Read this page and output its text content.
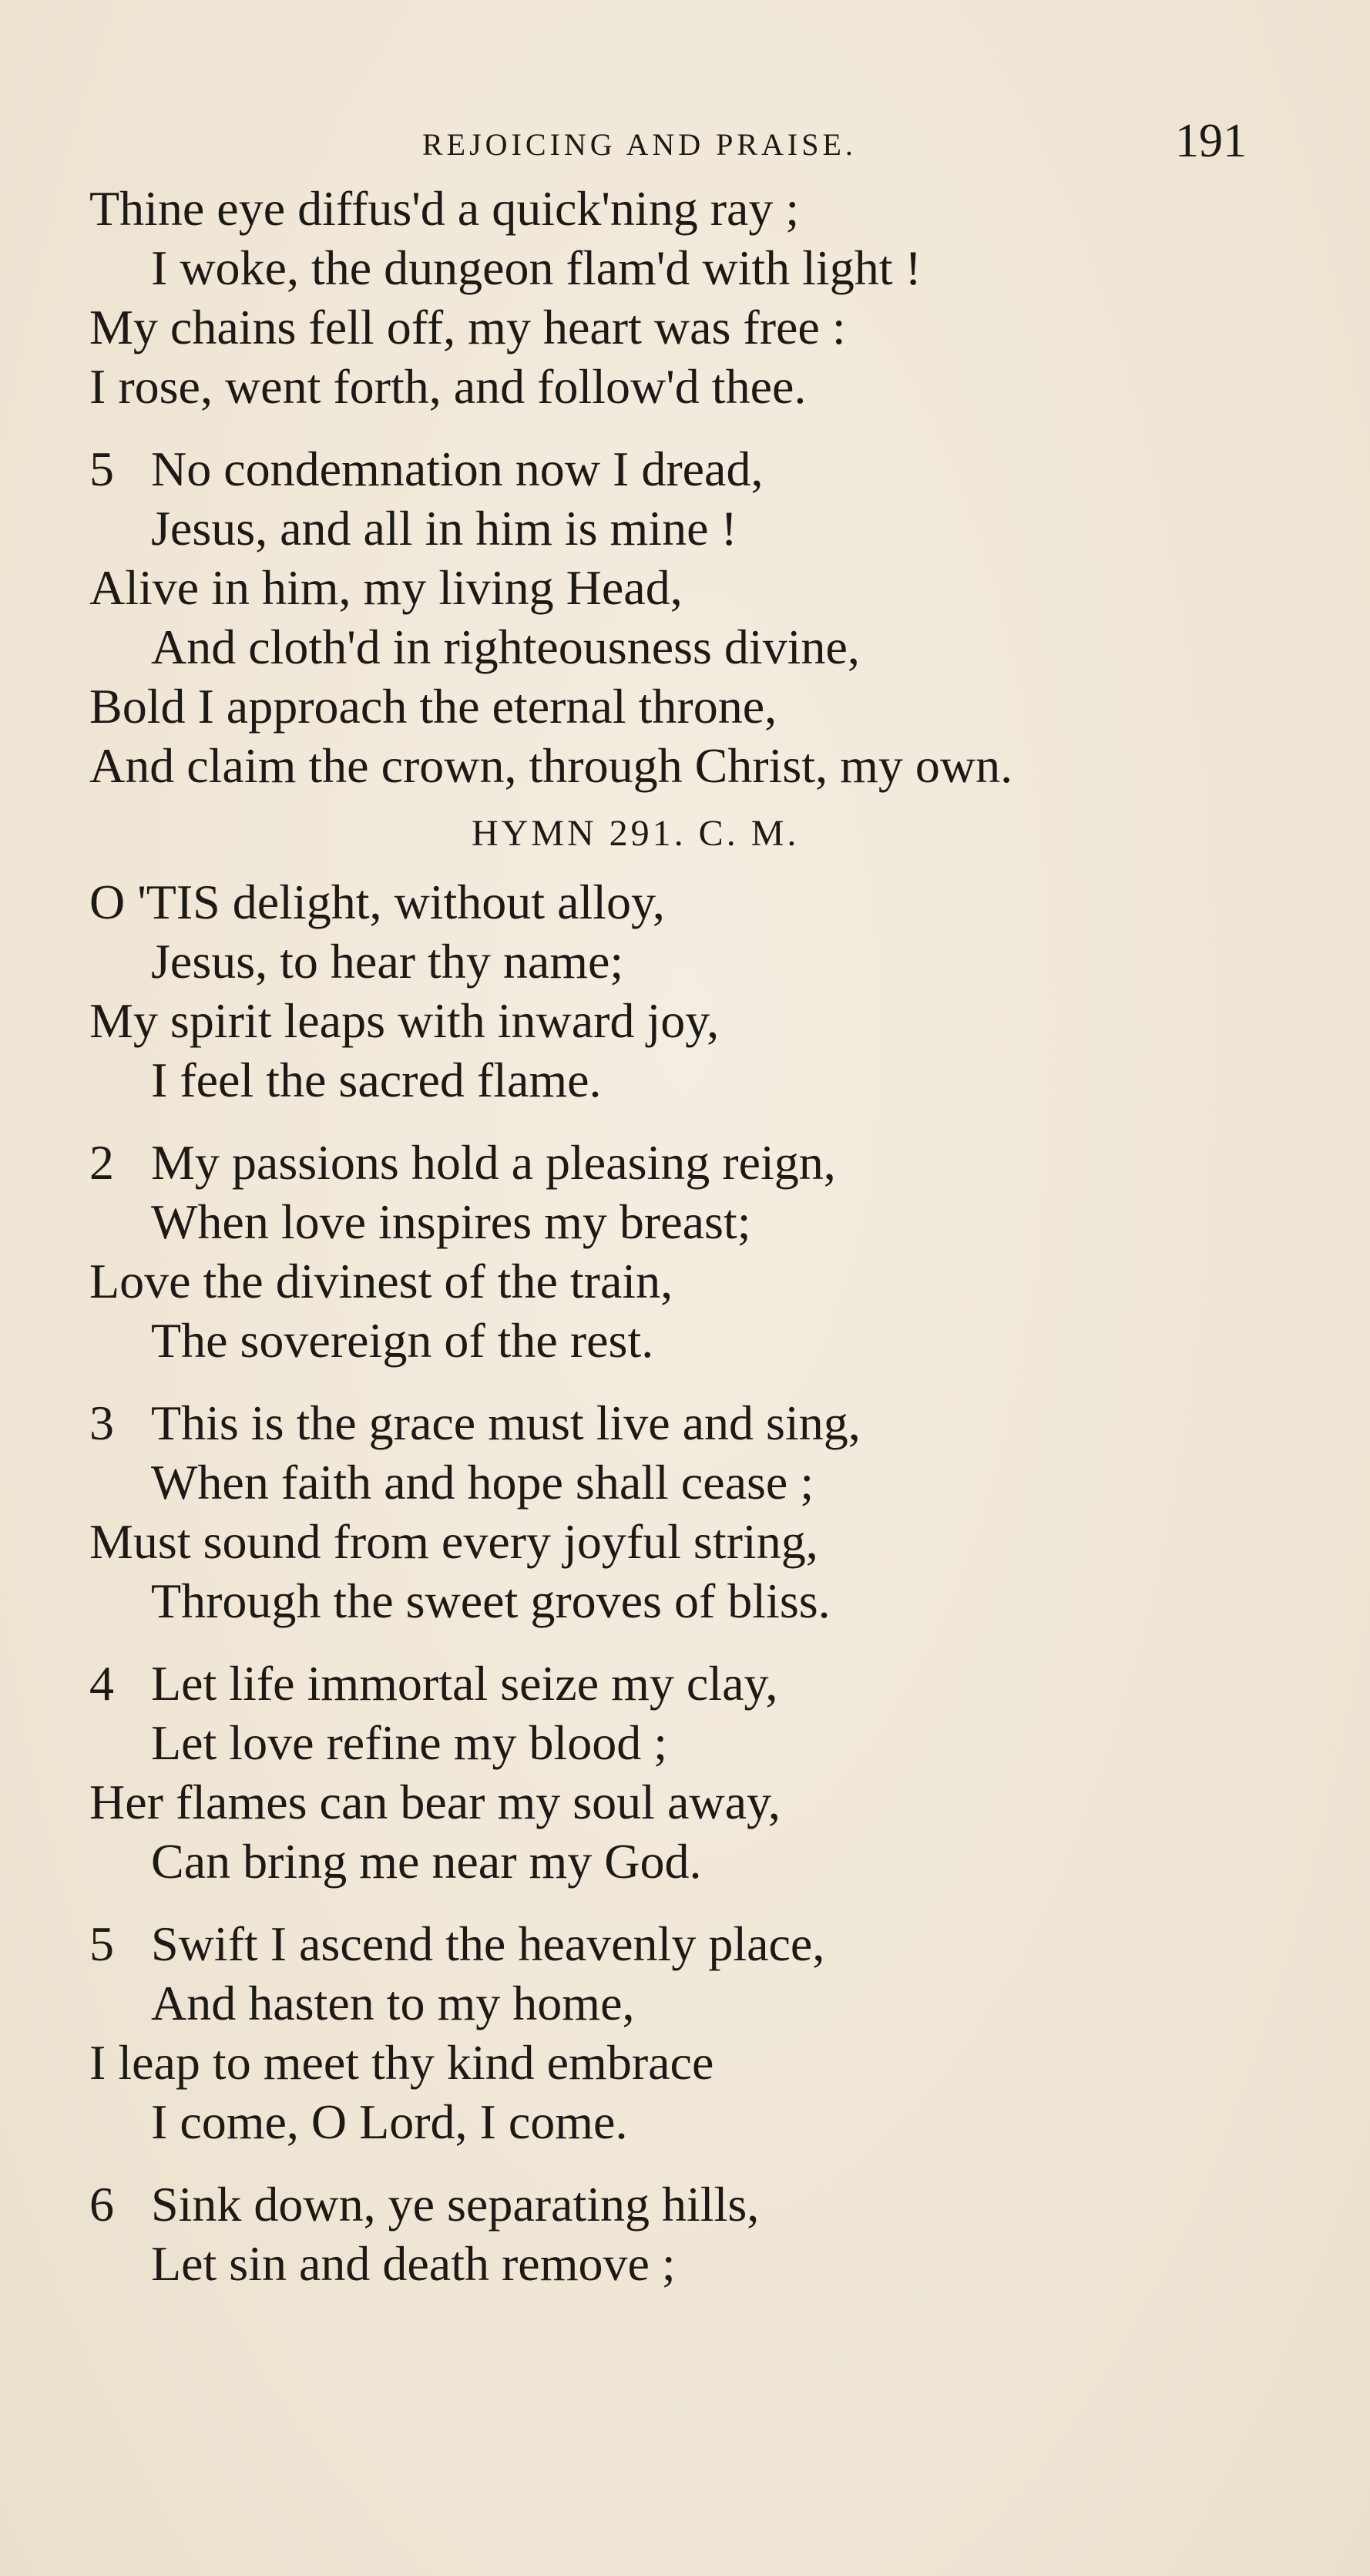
REJOICING AND PRAISE.	191
Thine eye diffus'd a quick'ning ray ;
I woke, the dungeon flam'd with light !
My chains fell off, my heart was free :
I rose, went forth, and follow'd thee.
5 No condemnation now I dread,
Jesus, and all in him is mine !
Alive in him, my living Head,
And cloth'd in righteousness divine,
Bold I approach the eternal throne,
And claim the crown, through Christ, my own.
HYMN 291. C. M.
O 'TIS delight, without alloy,
Jesus, to hear thy name;
My spirit leaps with inward joy,
I feel the sacred flame.
2 My passions hold a pleasing reign,
When love inspires my breast;
Love the divinest of the train,
The sovereign of the rest.
3 This is the grace must live and sing,
When faith and hope shall cease ;
Must sound from every joyful string,
Through the sweet groves of bliss.
4 Let life immortal seize my clay,
Let love refine my blood ;
Her flames can bear my soul away,
Can bring me near my God.
5 Swift I ascend the heavenly place,
And hasten to my home,
I leap to meet thy kind embrace
I come, O Lord, I come.
6 Sink down, ye separating hills,
Let sin and death remove ;
